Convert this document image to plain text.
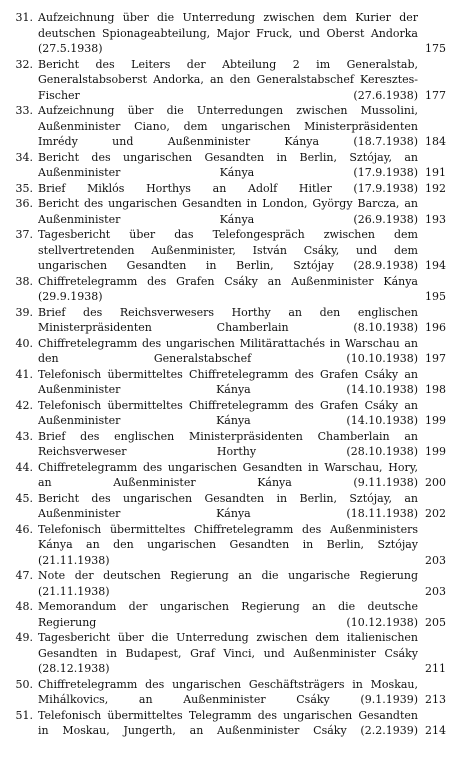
31. Aufzeichnung über die Unterredung zwischen dem Kurier der deutschen Spionageabteilung, Major Fruck, und Oberst Andorka (27.5.1938)	175
32. Bericht des Leiters der Abteilung 2 im Generalstab, Generalstabsoberst Andorka, an den Generalstabschef Keresztes-Fischer (27.6.1938) 177
33. Aufzeichnung über die Unterredungen zwischen Mussolini, Außenminister Ciano, dem ungarischen Ministerpräsidenten Imrédy und Außenminister Kánya (18.7.1938) 184
34. Bericht des ungarischen Gesandten in Berlin, Sztójay, an Außenminister Kánya (17.9.1938) 191
35. Brief Miklós Horthys an Adolf Hitler (17.9.1938) 192
36. Bericht des ungarischen Gesandten in London, György Barcza, an Außenminister Kánya (26.9.1938) 193
37. Tagesbericht über das Telefongespräch zwischen dem stellvertretenden Außenminister, István Csáky, und dem ungarischen Gesandten in Berlin, Sztójay (28.9.1938) 194
38. Chiffretelegramm des Grafen Csáky an Außenminister Kánya (29.9.1938)	195
39. Brief des Reichsverwesers Horthy an den englischen Ministerpräsidenten Chamberlain (8.10.1938) 196
40. Chiffretelegramm des ungarischen Militärattachés in Warschau an den Generalstabschef (10.10.1938) 197
41. Telefonisch übermitteltes Chiffretelegramm des Grafen Csáky an Außenminister Kánya (14.10.1938) 198
42. Telefonisch übermitteltes Chiffretelegramm des Grafen Csáky an Außenminister Kánya (14.10.1938) 199
43. Brief des englischen Ministerpräsidenten Chamberlain an Reichsverweser Horthy (28.10.1938) 199
44. Chiffretelegramm des ungarischen Gesandten in Warschau, Hory, an Außenminister Kánya (9.11.1938) 200
45. Bericht des ungarischen Gesandten in Berlin, Sztójay, an Außenminister Kánya (18.11.1938) 202
46. Telefonisch übermitteltes Chiffretelegramm des Außenministers Kánya an den ungarischen Gesandten in Berlin, Sztójay (21.11.1938)	203
47. Note der deutschen Regierung an die ungarische Regierung (21.11.1938)	203
48. Memorandum der ungarischen Regierung an die deutsche Regierung (10.12.1938) 205
49. Tagesbericht über die Unterredung zwischen dem italienischen Gesandten in Budapest, Graf Vinci, und Außenminister Csáky (28.12.1938)	211
50. Chiffretelegramm des ungarischen Geschäftsträgers in Moskau, Mihálkovics, an Außenminister Csáky (9.1.1939) 213
51. Telefonisch übermitteltes Telegramm des ungarischen Gesandten in Moskau, Jungerth, an Außenminister Csáky (2.2.1939) 214
